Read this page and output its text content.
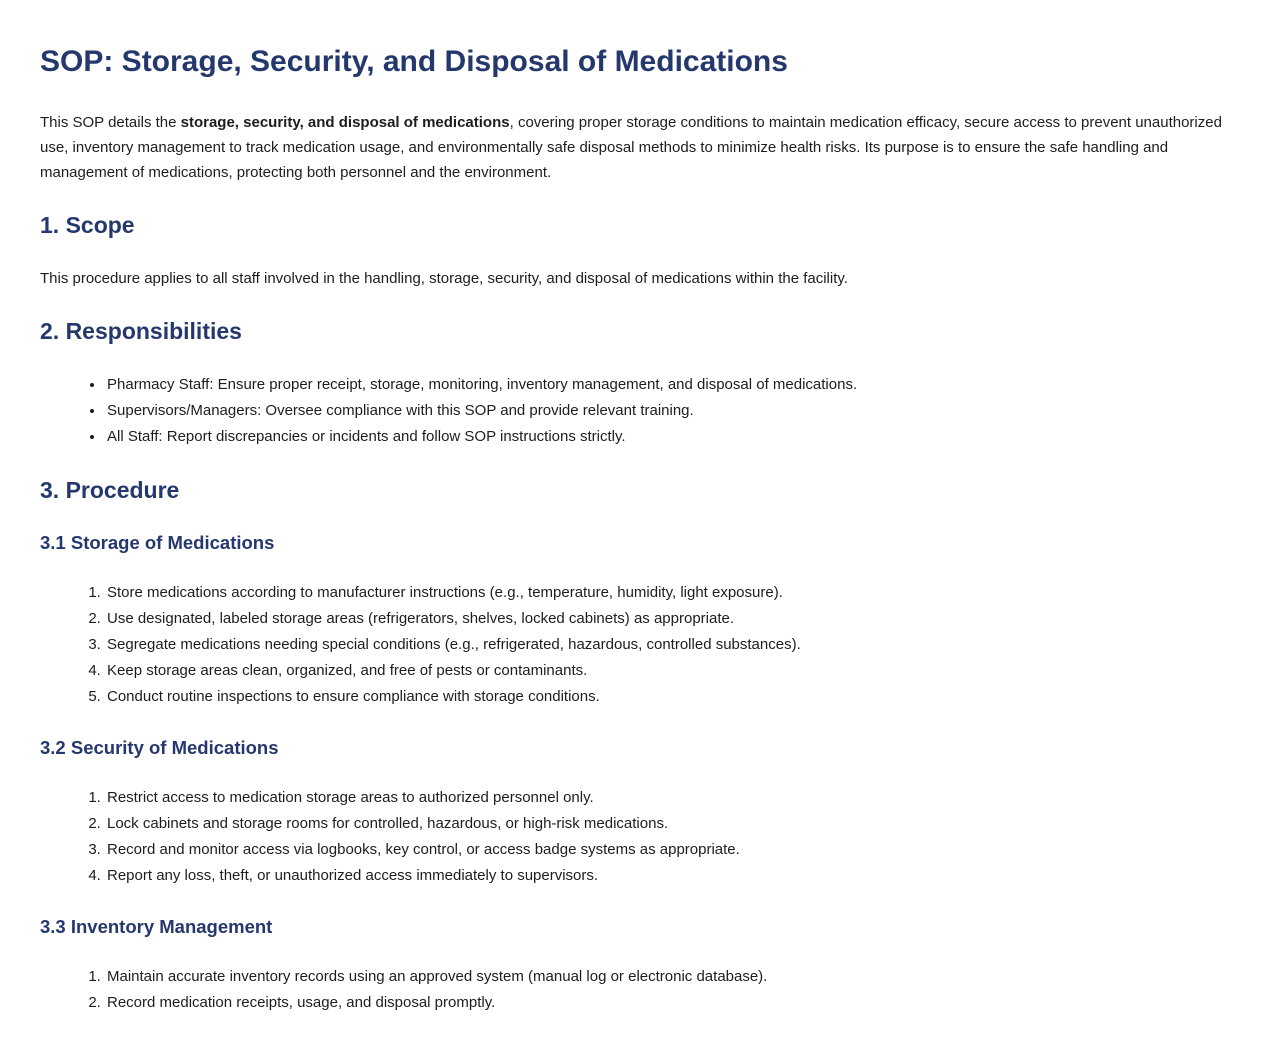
SOP: Storage, Security, and Disposal of Medications

This SOP details the storage, security, and disposal of medications, covering proper storage conditions to maintain medication efficacy, secure access to prevent unauthorized use, inventory management to track medication usage, and environmentally safe disposal methods to minimize health risks. Its purpose is to ensure the safe handling and management of medications, protecting both personnel and the environment.

1. Scope

This procedure applies to all staff involved in the handling, storage, security, and disposal of medications within the facility.

2. Responsibilities
• Pharmacy Staff: Ensure proper receipt, storage, monitoring, inventory management, and disposal of medications.
• Supervisors/Managers: Oversee compliance with this SOP and provide relevant training.
• All Staff: Report discrepancies or incidents and follow SOP instructions strictly.
3. Procedure
3.1 Storage of Medications
1. Store medications according to manufacturer instructions (e.g., temperature, humidity, light exposure).
2. Use designated, labeled storage areas (refrigerators, shelves, locked cabinets) as appropriate.
3. Segregate medications needing special conditions (e.g., refrigerated, hazardous, controlled substances).
4. Keep storage areas clean, organized, and free of pests or contaminants.
5. Conduct routine inspections to ensure compliance with storage conditions.
3.2 Security of Medications
1. Restrict access to medication storage areas to authorized personnel only.
2. Lock cabinets and storage rooms for controlled, hazardous, or high-risk medications.
3. Record and monitor access via logbooks, key control, or access badge systems as appropriate.
4. Report any loss, theft, or unauthorized access immediately to supervisors.
3.3 Inventory Management
1. Maintain accurate inventory records using an approved system (manual log or electronic database).
2. Record medication receipts, usage, and disposal promptly.
